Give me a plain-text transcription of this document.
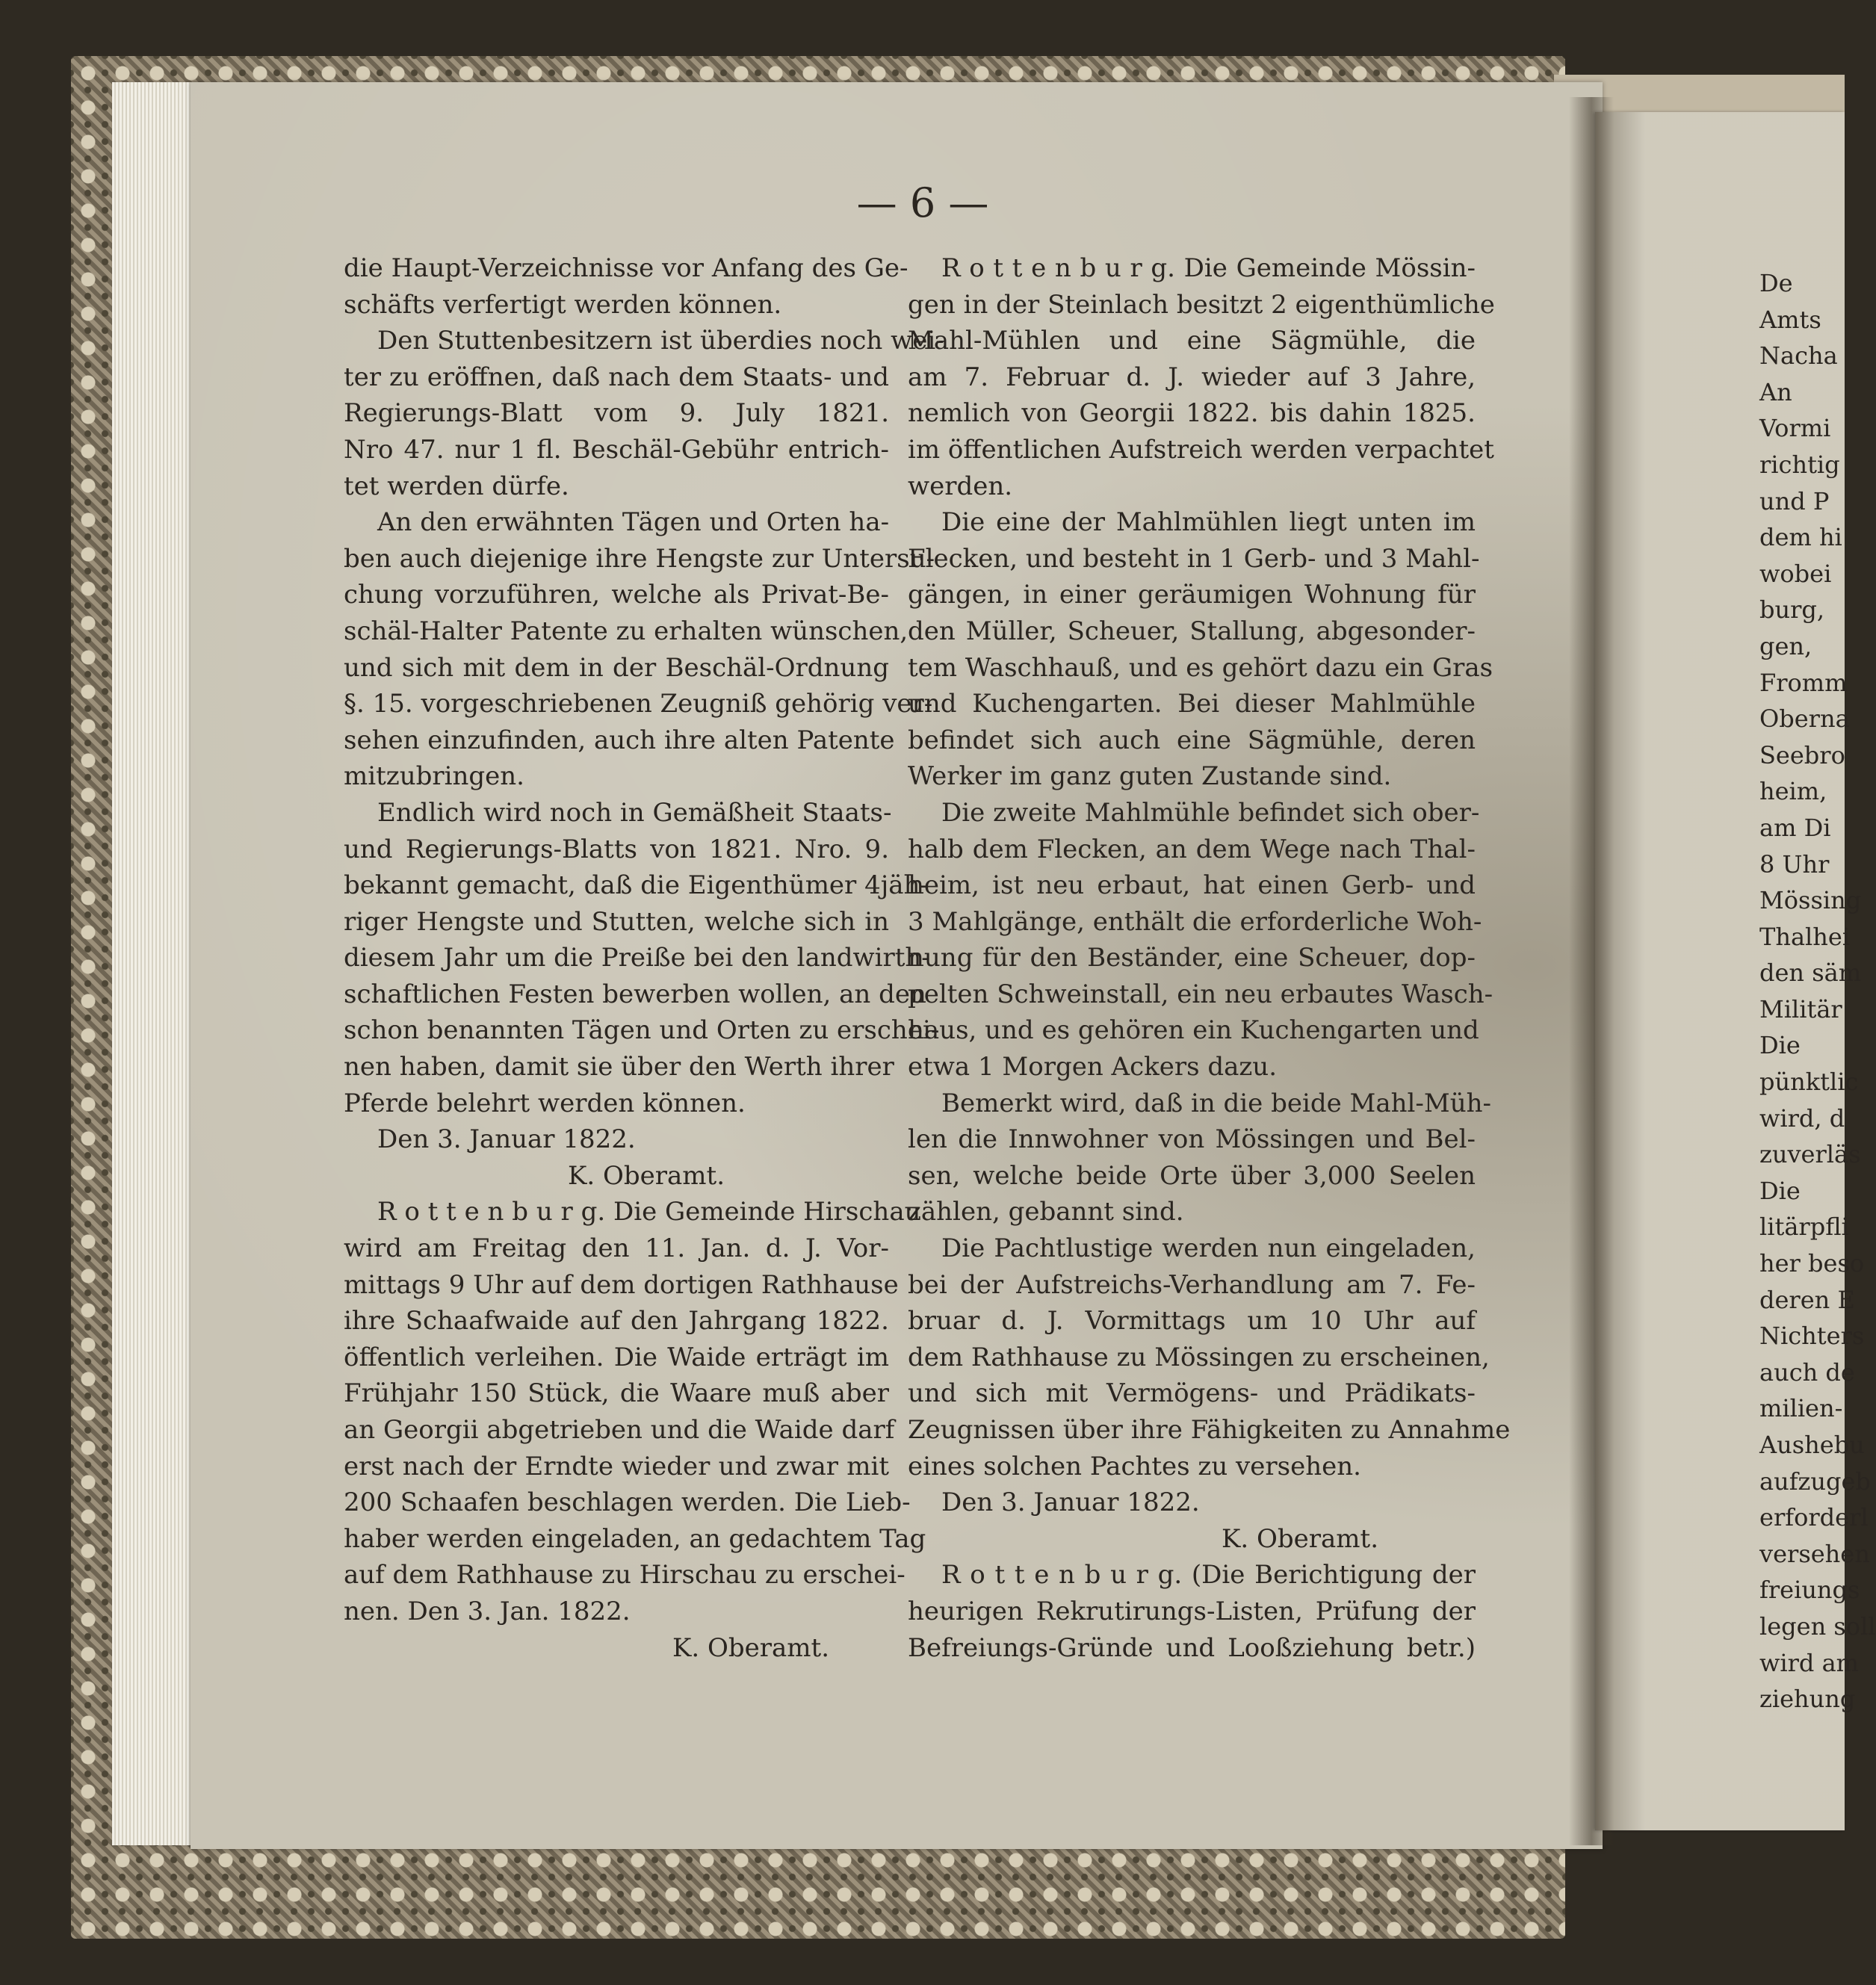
— 6 —
die Haupt-Verzeichnisse vor Anfang des Ge-
schäfts verfertigt werden können.
Den Stuttenbesitzern ist überdies noch wei-
ter zu eröffnen, daß nach dem Staats- und
Regierungs-Blatt vom 9. July 1821.
Nro 47. nur 1 fl. Beschäl-Gebühr entrich-
tet werden dürfe.
An den erwähnten Tägen und Orten ha-
ben auch diejenige ihre Hengste zur Untersu-
chung vorzuführen, welche als Privat-Be-
schäl-Halter Patente zu erhalten wünschen,
und sich mit dem in der Beschäl-Ordnung
§. 15. vorgeschriebenen Zeugniß gehörig ver-
sehen einzufinden, auch ihre alten Patente
mitzubringen.
Endlich wird noch in Gemäßheit Staats-
und Regierungs-Blatts von 1821. Nro. 9.
bekannt gemacht, daß die Eigenthümer 4jäh-
riger Hengste und Stutten, welche sich in
diesem Jahr um die Preiße bei den landwirth-
schaftlichen Festen bewerben wollen, an den
schon benannten Tägen und Orten zu erschei-
nen haben, damit sie über den Werth ihrer
Pferde belehrt werden können.
Den 3. Januar 1822.
K. Oberamt.
R o t t e n b u r g. Die Gemeinde Hirschau
wird am Freitag den 11. Jan. d. J. Vor-
mittags 9 Uhr auf dem dortigen Rathhause
ihre Schaafwaide auf den Jahrgang 1822.
öffentlich verleihen. Die Waide erträgt im
Frühjahr 150 Stück, die Waare muß aber
an Georgii abgetrieben und die Waide darf
erst nach der Erndte wieder und zwar mit
200 Schaafen beschlagen werden. Die Lieb-
haber werden eingeladen, an gedachtem Tag
auf dem Rathhause zu Hirschau zu erschei-
nen. Den 3. Jan. 1822.
K. Oberamt.
R o t t e n b u r g. Die Gemeinde Mössin-
gen in der Steinlach besitzt 2 eigenthümliche
Mahl-Mühlen und eine Sägmühle, die
am 7. Februar d. J. wieder auf 3 Jahre,
nemlich von Georgii 1822. bis dahin 1825.
im öffentlichen Aufstreich werden verpachtet
werden.
Die eine der Mahlmühlen liegt unten im
Flecken, und besteht in 1 Gerb- und 3 Mahl-
gängen, in einer geräumigen Wohnung für
den Müller, Scheuer, Stallung, abgesonder-
tem Waschhauß, und es gehört dazu ein Gras
und Kuchengarten. Bei dieser Mahlmühle
befindet sich auch eine Sägmühle, deren
Werker im ganz guten Zustande sind.
Die zweite Mahlmühle befindet sich ober-
halb dem Flecken, an dem Wege nach Thal-
heim, ist neu erbaut, hat einen Gerb- und
3 Mahlgänge, enthält die erforderliche Woh-
nung für den Beständer, eine Scheuer, dop-
pelten Schweinstall, ein neu erbautes Wasch-
haus, und es gehören ein Kuchengarten und
etwa 1 Morgen Ackers dazu.
Bemerkt wird, daß in die beide Mahl-Müh-
len die Innwohner von Mössingen und Bel-
sen, welche beide Orte über 3,000 Seelen
zählen, gebannt sind.
Die Pachtlustige werden nun eingeladen,
bei der Aufstreichs-Verhandlung am 7. Fe-
bruar d. J. Vormittags um 10 Uhr auf
dem Rathhause zu Mössingen zu erscheinen,
und sich mit Vermögens- und Prädikats-
Zeugnissen über ihre Fähigkeiten zu Annahme
eines solchen Pachtes zu versehen.
Den 3. Januar 1822.
K. Oberamt.
R o t t e n b u r g. (Die Berichtigung der
heurigen Rekrutirungs-Listen, Prüfung der
Befreiungs-Gründe und Looßziehung betr.)
De
Amts
Nacha
An
Vormi
richtig
und P
dem hi
wobei
burg,
gen,
Fromm
Oberna
Seebro
heim,
am Di
8 Uhr
Mössing
Thalhei
den säm
Militär
Die
pünktlic
wird, d
zuverläs
Die
litärpfli
her beso
deren E
Nichters
auch de
milien-
Aushebu
aufzugeb
erforderl
versehen
freiungs
legen soll
wird am
ziehung
